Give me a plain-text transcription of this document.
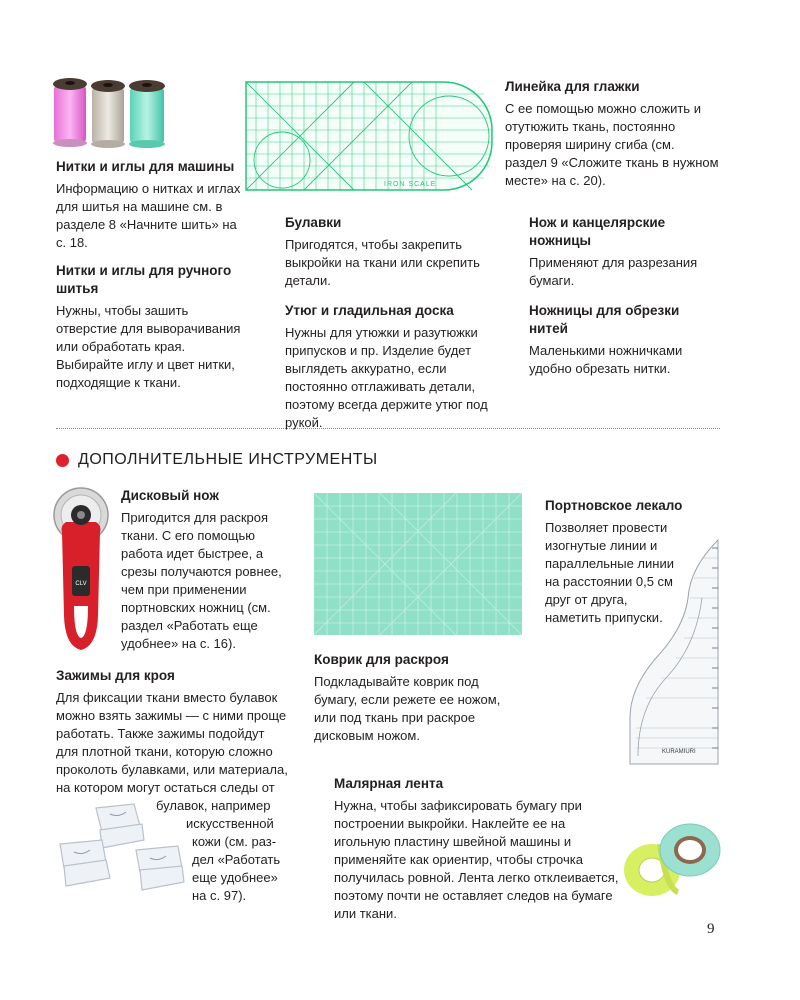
IRON SCALE
Нитки и иглы для машины
Информацию о нитках и иглах для шитья на машине см. в разделе 8 «Начните шить» на с. 18.
Нитки и иглы для ручного шитья
Нужны, чтобы зашить отверстие для выворачивания или обработать края. Выбирайте иглу и цвет нитки, подходящие к ткани.
Линейка для глажки
С ее помощью можно сложить и отутюжить ткань, постоянно проверяя ширину сгиба (см. раздел 9 «Сложите ткань в нужном месте» на с. 20).
Булавки
Пригодятся, чтобы закрепить выкройки на ткани или скрепить детали.
Утюг и гладильная доска
Нужны для утюжки и разутюжки припусков и пр. Изделие будет выглядеть аккуратно, если постоянно отглаживать детали, поэтому всегда держите утюг под рукой.
Нож и канцелярские ножницы
Применяют для разрезания бумаги.
Ножницы для обрезки нитей
Маленькими ножничками удобно обрезать нитки.
ДОПОЛНИТЕЛЬНЫЕ ИНСТРУМЕНТЫ
CLV
Дисковый нож
Пригодится для раскроя ткани. С его помощью работа идет быстрее, а срезы получаются ровнее, чем при применении портновских ножниц (см. раздел «Работать еще удобнее» на с. 16).
Коврик для раскроя
Подкладывайте коврик под бумагу, если режете ее ножом, или под ткань при раскрое дисковым ножом.
Портновское лекало
Позволяет провести изогнутые линии и параллельные линии на расстоянии 0,5 см друг от друга, наметить припуски.
KURAMIURI
Зажимы для кроя
Для фиксации ткани вместо булавок
можно взять зажимы — с ними проще
работать. Также зажимы подойдут
для плотной ткани, которую сложно
проколоть булавками, или материала,
на котором могут остаться следы от
булавок, например
искусственной
кожи (см. раз-
дел «Работать
еще удобнее»
на с. 97).
Малярная лента
Нужна, чтобы зафиксировать бумагу при построении выкройки. Наклейте ее на игольную пластину швейной машины и применяйте как ориентир, чтобы строчка получилась ровной. Лента легко отклеивается, поэтому почти не оставляет следов на бумаге или ткани.
9
